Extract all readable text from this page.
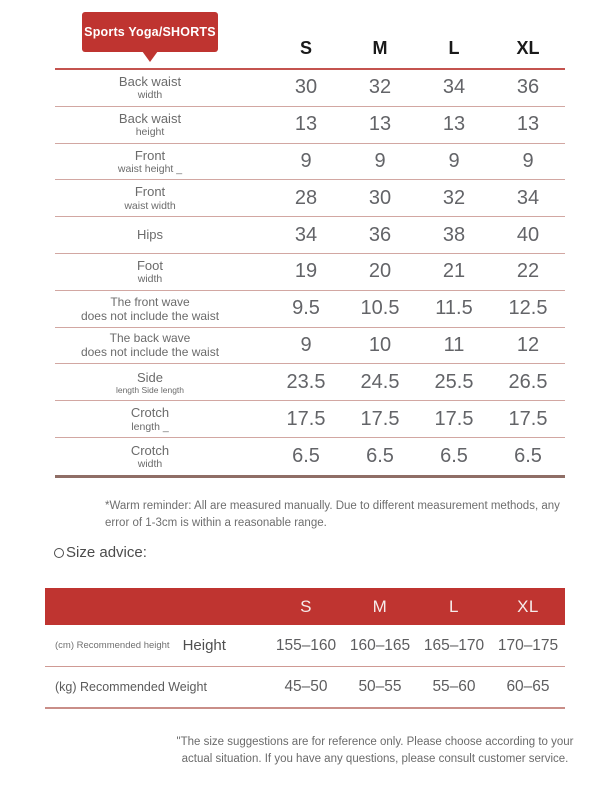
Sports Yoga/SHORTS
S	M	L	XL
Back waist
width	30	32	34	36
Back waist
height	13	13	13	13
Front
waist height _	9	9	9	9
Front
waist width	28	30	32	34
Hips	34	36	38	40
Foot
width	19	20	21	22
The front wave
does not include the waist	9.5	10.5	11.5	12.5
The back wave
does not include the waist	9	10	11	12
Side
length Side length	23.5	24.5	25.5	26.5
Crotch
length _	17.5	17.5	17.5	17.5
Crotch
width	6.5	6.5	6.5	6.5

*Warm reminder: All are measured manually. Due to different measurement methods, any error of 1-3cm is within a reasonable range.

Size advice:
S	M	L	XL
(cm) Recommended height Height	155–160 160–165 165–170 170–175
(kg) Recommended Weight	45–50	50–55	55–60	60–65

"The size suggestions are for reference only. Please choose according to your actual situation. If you have any questions, please consult customer service.
